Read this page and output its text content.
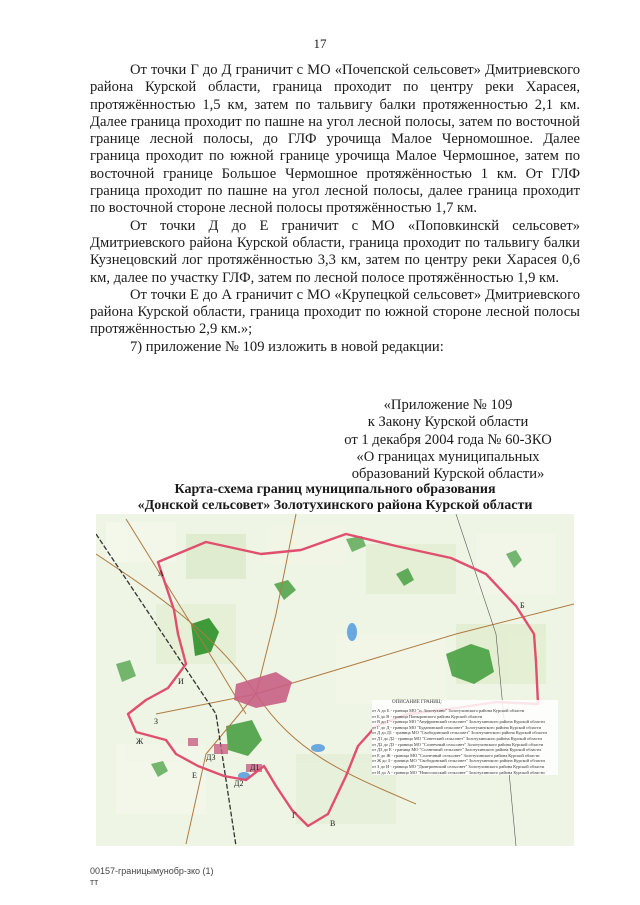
17

От точки Г до Д граничит с МО «Почепской сельсовет» Дмитриевского района Курской области, граница проходит по центру реки Харасея, протяжённостью 1,5 км, затем по тальвигу балки протяженностью 2,1 км. Далее граница проходит по пашне на угол лесной полосы, затем по восточной границе лесной полосы, до ГЛФ урочища Малое Черномошное. Далее граница проходит по южной границе урочища Малое Чермошное, затем по восточной границе Большое Чермошное протяжённостью 1 км. От ГЛФ граница проходит по пашне на угол лесной полосы, далее граница проходит по восточной стороне лесной полосы протяжённостью 1,7 км.

От точки Д до Е граничит с МО «Поповкинскй сельсовет» Дмитриевского района Курской области, граница проходит по тальвигу балки Кузнецовский лог протяжённостью 3,3 км, затем по центру реки Харасея 0,6 км, далее по участку ГЛФ, затем по лесной полосе протяжённостью 1,9 км.

От точки Е до А граничит с МО «Крупецкой сельсовет» Дмитриевского района Курской области, граница проходит по южной стороне лесной полосы протяжённостью 2,9 км.»;

7) приложение № 109 изложить в новой редакции:

«Приложение № 109
к Закону Курской области
от 1 декабря 2004 года № 60-ЗКО
«О границах муниципальных
образований Курской области»
Карта-схема границ муниципального образования
«Донской сельсовет» Золотухинского района Курской области
А
Б
В
Г
Д1
Д2
Д3
Е
Ж
З
И
ОПИСАНИЕ ГРАНИЦ:
от А до Б - граница МО "п. Золотухино" Золотухинского района Курской области
от Б до В - граница Поныровского района Курской области
от В до Г - граница МО "Ануфриевский сельсовет" Золотухинского района Курской области
от Г до Д - граница МО "Будановский сельсовет" Золотухинского района Курской области
от Д до Д1 - граница МО "Свободинский сельсовет" Золотухинского района Курской области
от Д1 до Д2 - граница МО "Советский сельсовет" Золотухинского района Курской области
от Д2 до Д3 - граница МО "Солнечный сельсовет" Золотухинского района Курской области
от Д3 до Е - граница МО "Солнечный сельсовет" Золотухинского района Курской области
от Е до Ж - граница МО "Солнечный сельсовет" Золотухинского района Курской области
от Ж до З - граница МО "Свободинский сельсовет" Золотухинского района Курской области
от З до И - граница МО "Дмитриевский сельсовет" Золотухинского района Курской области
от И до А - граница МО "Новоспасский сельсовет" Золотухинского района Курской области
00157-границымунобр-зко (1)
тт
